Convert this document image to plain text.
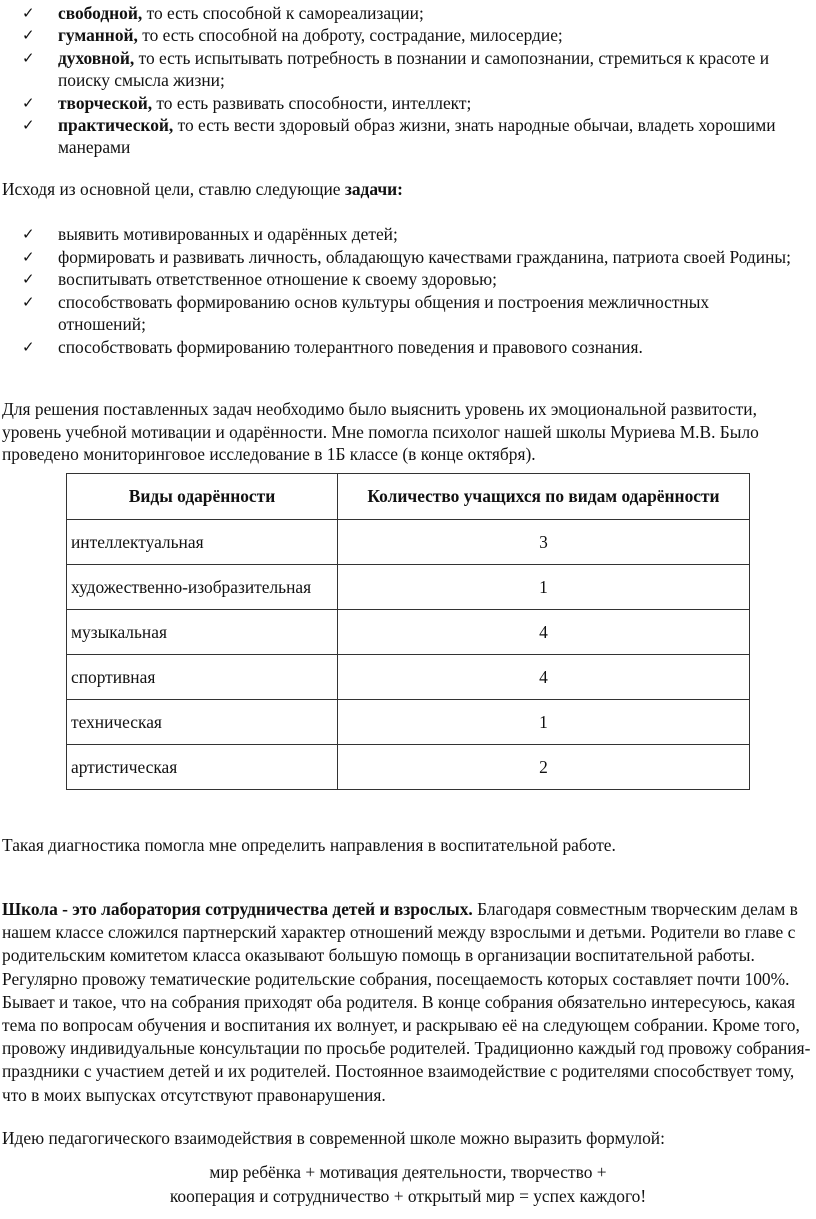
✓ свободной, то есть способной к самореализации;
✓ гуманной, то есть способной на доброту, сострадание, милосердие;
✓ духовной, то есть испытывать потребность в познании и самопознании, стремиться к красоте и поиску смысла жизни;
✓ творческой, то есть развивать способности, интеллект;
✓ практической, то есть вести здоровый образ жизни, знать народные обычаи, владеть хорошими манерами

Исходя из основной цели, ставлю следующие задачи:

✓ выявить мотивированных и одарённых детей;
✓ формировать и развивать личность, обладающую качествами гражданина, патриота своей Родины;
✓ воспитывать ответственное отношение к своему здоровью;
✓ способствовать формированию основ культуры общения и построения межличностных отношений;
✓ способствовать формированию толерантного поведения и правового сознания.

Для решения поставленных задач необходимо было выяснить уровень их эмоциональной развитости, уровень учебной мотивации и одарённости. Мне помогла психолог нашей школы Муриева М.В. Было проведено мониторинговое исследование в 1Б классе (в конце октября).

Виды одарённости	Количество учащихся по видам одарённости
интеллектуальная	3
художественно-изобразительная	1
музыкальная	4
спортивная	4
техническая	1
артистическая	2

Такая диагностика помогла мне определить направления в воспитательной работе.

Школа - это лаборатория сотрудничества детей и взрослых. Благодаря совместным творческим делам в нашем классе сложился партнерский характер отношений между взрослыми и детьми. Родители во главе с родительским комитетом класса оказывают большую помощь в организации воспитательной работы. Регулярно провожу тематические родительские собрания, посещаемость которых составляет почти 100%. Бывает и такое, что на собрания приходят оба родителя. В конце собрания обязательно интересуюсь, какая тема по вопросам обучения и воспитания их волнует, и раскрываю её на следующем собрании. Кроме того, провожу индивидуальные консультации по просьбе родителей. Традиционно каждый год провожу собрания-праздники с участием детей и их родителей. Постоянное взаимодействие с родителями способствует тому, что в моих выпусках отсутствуют правонарушения.

Идею педагогического взаимодействия в современной школе можно выразить формулой:

мир ребёнка + мотивация деятельности, творчество +

кооперация и сотрудничество + открытый мир = успех каждого!
